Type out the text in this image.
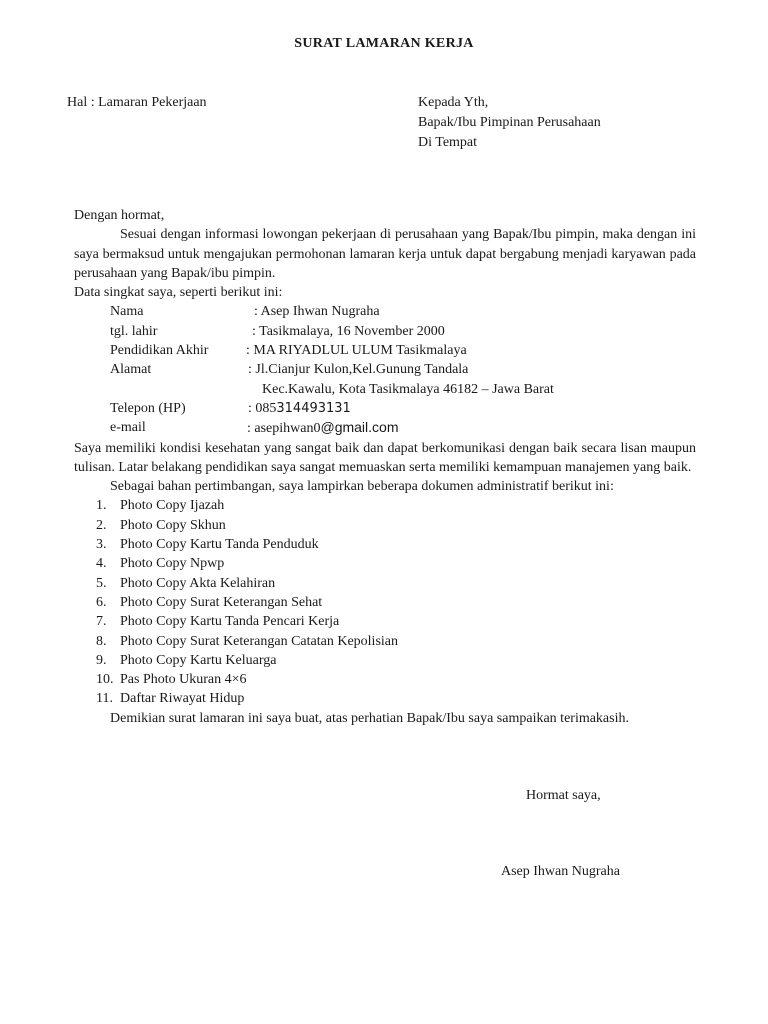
SURAT LAMARAN KERJA
Hal : Lamaran Pekerjaan	Kepada Yth,
Bapak/Ibu Pimpinan Perusahaan
Di Tempat
Dengan hormat,
Sesuai dengan informasi lowongan pekerjaan di perusahaan yang Bapak/Ibu pimpin, maka dengan ini saya bermaksud untuk mengajukan permohonan lamaran kerja untuk dapat bergabung menjadi karyawan pada perusahaan yang Bapak/ibu pimpin.
Data singkat saya, seperti berikut ini:
Nama	: Asep Ihwan Nugraha
tgl. lahir	: Tasikmalaya, 16 November 2000
Pendidikan Akhir	: MA RIYADLUL ULUM Tasikmalaya
Alamat	: Jl.Cianjur Kulon,Kel.Gunung Tandala
Kec.Kawalu, Kota Tasikmalaya 46182 – Jawa Barat
Telepon (HP)	: 085314493131
e-mail	: asepihwan0@gmail.com
Saya memiliki kondisi kesehatan yang sangat baik dan dapat berkomunikasi dengan baik secara lisan maupun tulisan. Latar belakang pendidikan saya sangat memuaskan serta memiliki kemampuan manajemen yang baik.
Sebagai bahan pertimbangan, saya lampirkan beberapa dokumen administratif berikut ini:
1. Photo Copy Ijazah
2. Photo Copy Skhun
3. Photo Copy Kartu Tanda Penduduk
4. Photo Copy Npwp
5. Photo Copy Akta Kelahiran
6. Photo Copy Surat Keterangan Sehat
7. Photo Copy Kartu Tanda Pencari Kerja
8. Photo Copy Surat Keterangan Catatan Kepolisian
9. Photo Copy Kartu Keluarga
10. Pas Photo Ukuran 4×6
11. Daftar Riwayat Hidup
Demikian surat lamaran ini saya buat, atas perhatian Bapak/Ibu saya sampaikan terimakasih.
Hormat saya,
Asep Ihwan Nugraha
